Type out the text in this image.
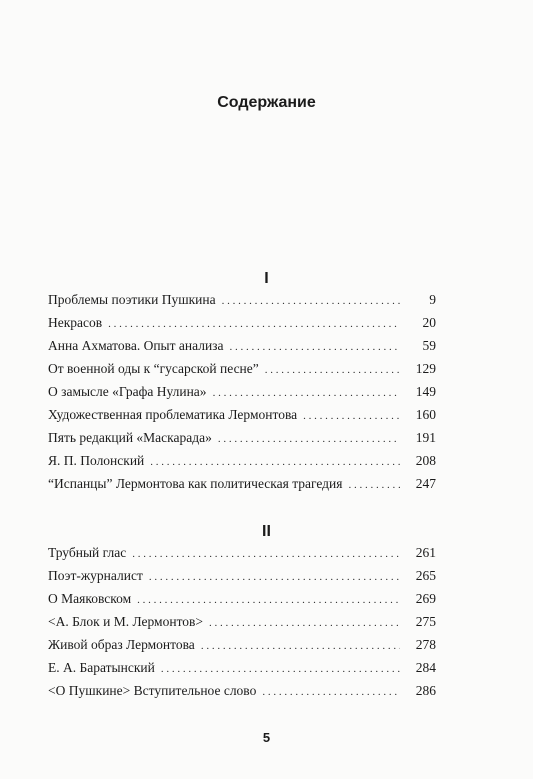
Содержание
I
Проблемы поэтики Пушкина . . .	9
Некрасов . . .	20
Анна Ахматова. Опыт анализа . . .	59
От военной оды к “гусарской песне” . . .	129
О замысле «Графа Нулина» . . .	149
Художественная проблематика Лермонтова . . .	160
Пять редакций «Маскарада» . . .	191
Я. П. Полонский . . .	208
“Испанцы” Лермонтова как политическая трагедия . . .	247
II
Трубный глас . . .	261
Поэт-журналист . . .	265
О Маяковском . . .	269
<А. Блок и М. Лермонтов> . . .	275
Живой образ Лермонтова . . .	278
Е. А. Баратынский . . .	284
<О Пушкине> Вступительное слово . . .	286
5
